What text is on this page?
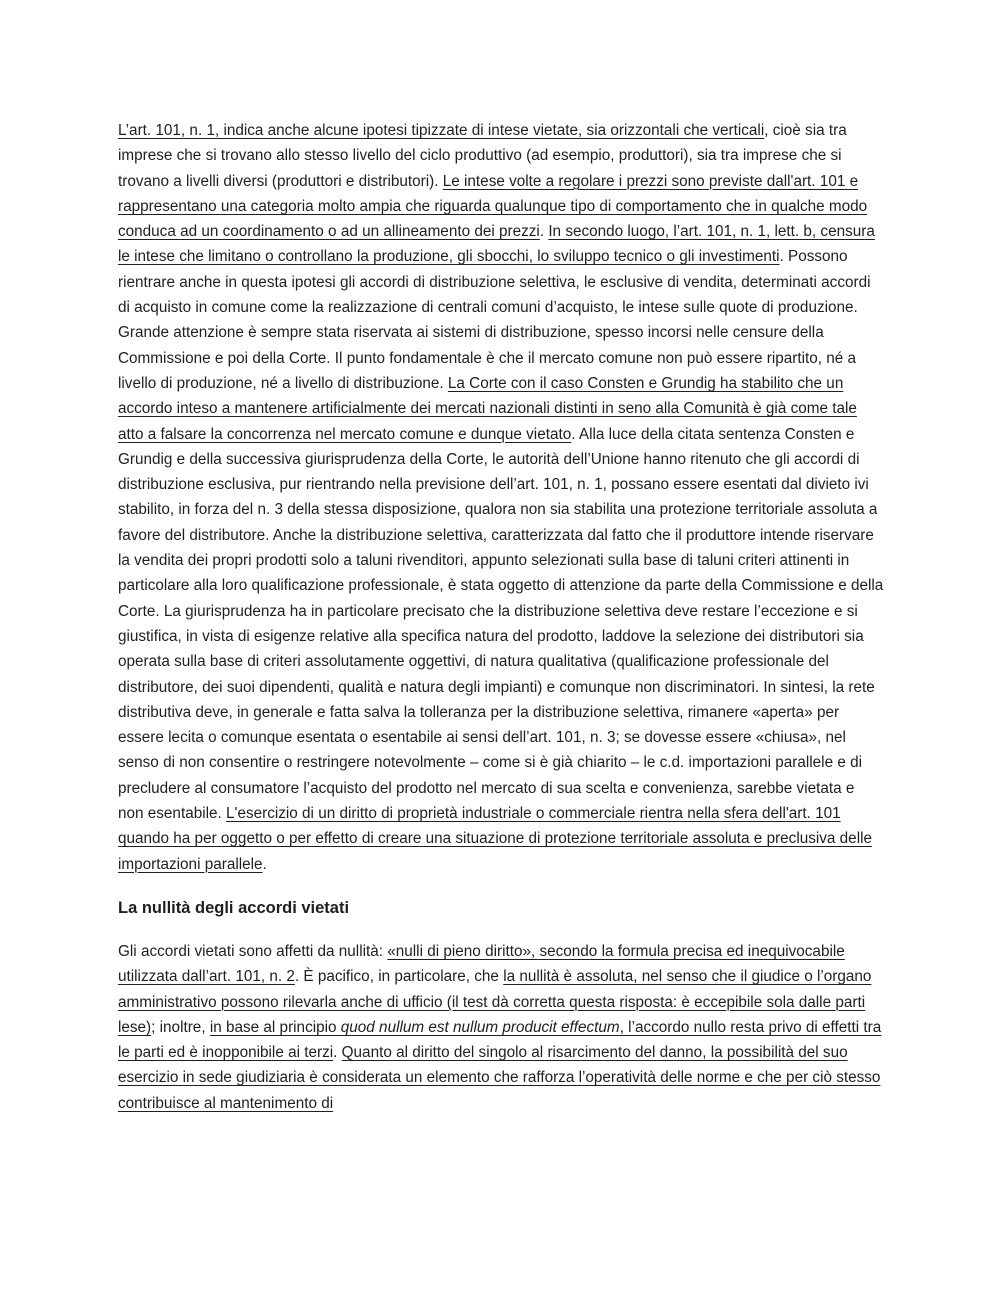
L’art. 101, n. 1, indica anche alcune ipotesi tipizzate di intese vietate, sia orizzontali che verticali, cioè sia tra imprese che si trovano allo stesso livello del ciclo produttivo (ad esempio, produttori), sia tra imprese che si trovano a livelli diversi (produttori e distributori). Le intese volte a regolare i prezzi sono previste dall'art. 101 e rappresentano una categoria molto ampia che riguarda qualunque tipo di comportamento che in qualche modo conduca ad un coordinamento o ad un allineamento dei prezzi. In secondo luogo, l’art. 101, n. 1, lett. b, censura le intese che limitano o controllano la produzione, gli sbocchi, lo sviluppo tecnico o gli investimenti. Possono rientrare anche in questa ipotesi gli accordi di distribuzione selettiva, le esclusive di vendita, determinati accordi di acquisto in comune come la realizzazione di centrali comuni d’acquisto, le intese sulle quote di produzione. Grande attenzione è sempre stata riservata ai sistemi di distribuzione, spesso incorsi nelle censure della Commissione e poi della Corte. Il punto fondamentale è che il mercato comune non può essere ripartito, né a livello di produzione, né a livello di distribuzione. La Corte con il caso Consten e Grundig ha stabilito che un accordo inteso a mantenere artificialmente dei mercati nazionali distinti in seno alla Comunità è già come tale atto a falsare la concorrenza nel mercato comune e dunque vietato. Alla luce della citata sentenza Consten e Grundig e della successiva giurisprudenza della Corte, le autorità dell’Unione hanno ritenuto che gli accordi di distribuzione esclusiva, pur rientrando nella previsione dell’art. 101, n. 1, possano essere esentati dal divieto ivi stabilito, in forza del n. 3 della stessa disposizione, qualora non sia stabilita una protezione territoriale assoluta a favore del distributore. Anche la distribuzione selettiva, caratterizzata dal fatto che il produttore intende riservare la vendita dei propri prodotti solo a taluni rivenditori, appunto selezionati sulla base di taluni criteri attinenti in particolare alla loro qualificazione professionale, è stata oggetto di attenzione da parte della Commissione e della Corte. La giurisprudenza ha in particolare precisato che la distribuzione selettiva deve restare l’eccezione e si giustifica, in vista di esigenze relative alla specifica natura del prodotto, laddove la selezione dei distributori sia operata sulla base di criteri assolutamente oggettivi, di natura qualitativa (qualificazione professionale del distributore, dei suoi dipendenti, qualità e natura degli impianti) e comunque non discriminatori. In sintesi, la rete distributiva deve, in generale e fatta salva la tolleranza per la distribuzione selettiva, rimanere «aperta» per essere lecita o comunque esentata o esentabile ai sensi dell’art. 101, n. 3; se dovesse essere «chiusa», nel senso di non consentire o restringere notevolmente – come si è già chiarito – le c.d. importazioni parallele e di precludere al consumatore l’acquisto del prodotto nel mercato di sua scelta e convenienza, sarebbe vietata e non esentabile. L'esercizio di un diritto di proprietà industriale o commerciale rientra nella sfera dell'art. 101 quando ha per oggetto o per effetto di creare una situazione di protezione territoriale assoluta e preclusiva delle importazioni parallele.

La nullità degli accordi vietati

Gli accordi vietati sono affetti da nullità: «nulli di pieno diritto», secondo la formula precisa ed inequivocabile utilizzata dall’art. 101, n. 2. È pacifico, in particolare, che la nullità è assoluta, nel senso che il giudice o l’organo amministrativo possono rilevarla anche di ufficio (il test dà corretta questa risposta: è eccepibile sola dalle parti lese); inoltre, in base al principio quod nullum est nullum producit effectum, l’accordo nullo resta privo di effetti tra le parti ed è inopponibile ai terzi. Quanto al diritto del singolo al risarcimento del danno, la possibilità del suo esercizio in sede giudiziaria è considerata un elemento che rafforza l’operatività delle norme e che per ciò stesso contribuisce al mantenimento di
